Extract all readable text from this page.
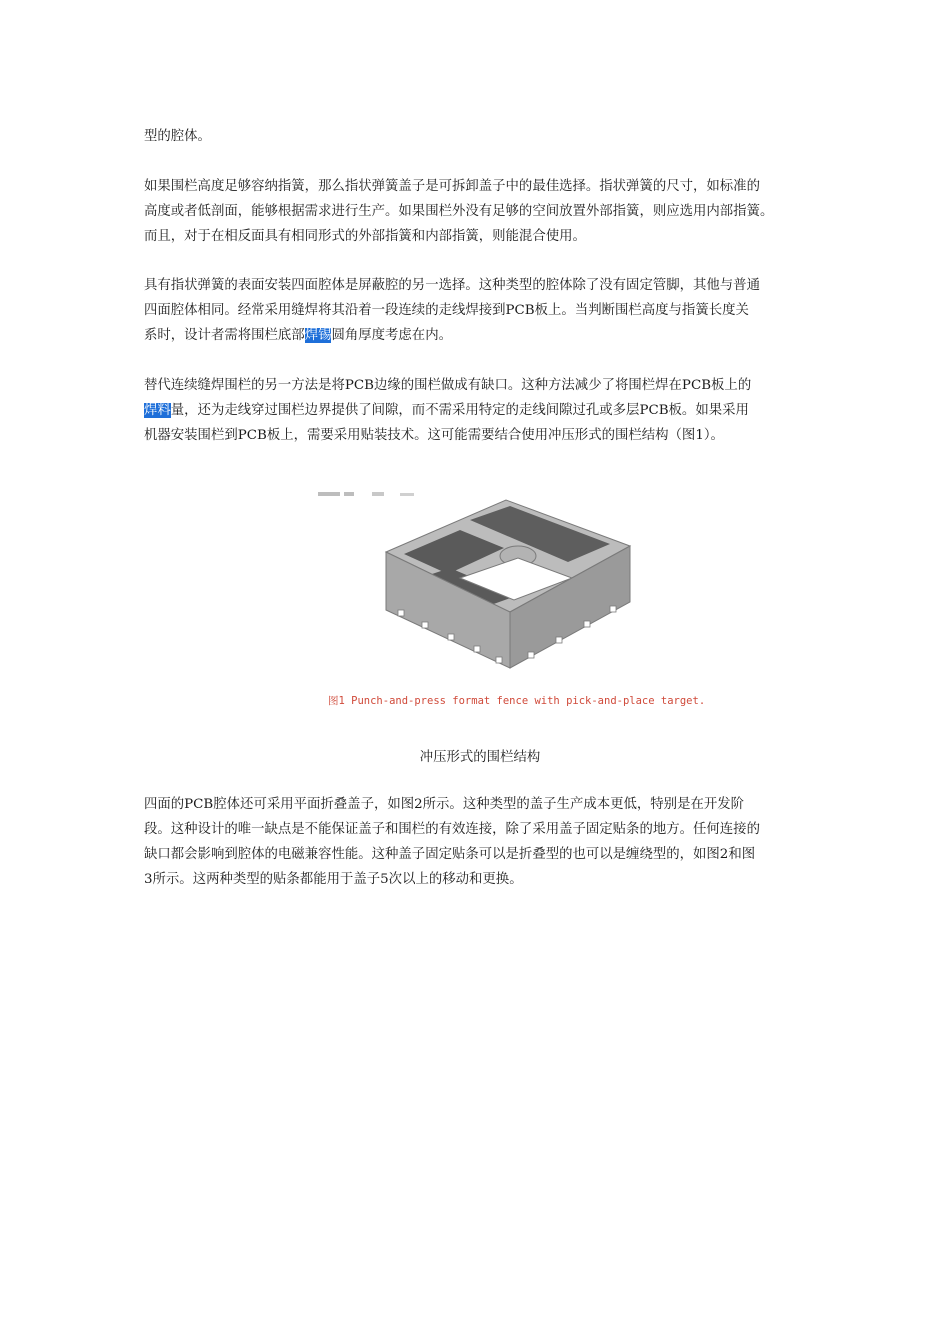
型的腔体。

如果围栏高度足够容纳指簧，那么指状弹簧盖子是可拆卸盖子中的最佳选择。指状弹簧的尺寸，如标准的
高度或者低剖面，能够根据需求进行生产。如果围栏外没有足够的空间放置外部指簧，则应选用内部指簧。
而且，对于在相反面具有相同形式的外部指簧和内部指簧，则能混合使用。

具有指状弹簧的表面安装四面腔体是屏蔽腔的另一选择。这种类型的腔体除了没有固定管脚，其他与普通
四面腔体相同。经常采用缝焊将其沿着一段连续的走线焊接到PCB板上。当判断围栏高度与指簧长度关
系时，设计者需将围栏底部焊锡圆角厚度考虑在内。

替代连续缝焊围栏的另一方法是将PCB边缘的围栏做成有缺口。这种方法减少了将围栏焊在PCB板上的
焊料量，还为走线穿过围栏边界提供了间隙，而不需采用特定的走线间隙过孔或多层PCB板。如果采用
机器安装围栏到PCB板上，需要采用贴装技术。这可能需要结合使用冲压形式的围栏结构（图1）。

图1 Punch-and-press format fence with pick-and-place target.
冲压形式的围栏结构

四面的PCB腔体还可采用平面折叠盖子，如图2所示。这种类型的盖子生产成本更低，特别是在开发阶
段。这种设计的唯一缺点是不能保证盖子和围栏的有效连接，除了采用盖子固定贴条的地方。任何连接的
缺口都会影响到腔体的电磁兼容性能。这种盖子固定贴条可以是折叠型的也可以是缠绕型的，如图2和图
3所示。这两种类型的贴条都能用于盖子5次以上的移动和更换。
